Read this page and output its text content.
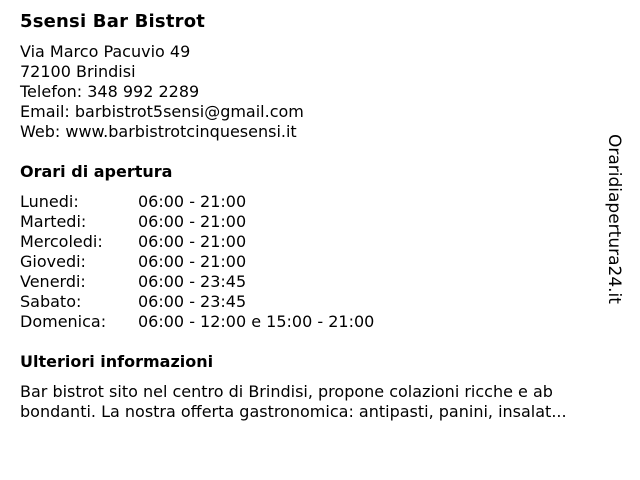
5sensi Bar Bistrot
Via Marco Pacuvio 49
72100 Brindisi
Telefon: 348 992 2289
Email: barbistrot5sensi@gmail.com
Web: www.barbistrotcinquesensi.it
Orari di apertura
Lunedi:	06:00 - 21:00
Martedi:	06:00 - 21:00
Mercoledi:	06:00 - 21:00
Giovedi:	06:00 - 21:00
Venerdi:	06:00 - 23:45
Sabato:	06:00 - 23:45
Domenica:	06:00 - 12:00 e 15:00 - 21:00
Ulteriori informazioni
Bar bistrot sito nel centro di Brindisi, propone colazioni ricche e ab bondanti. La nostra offerta gastronomica: antipasti, panini, insalat...
Oraridiapertura24.it
